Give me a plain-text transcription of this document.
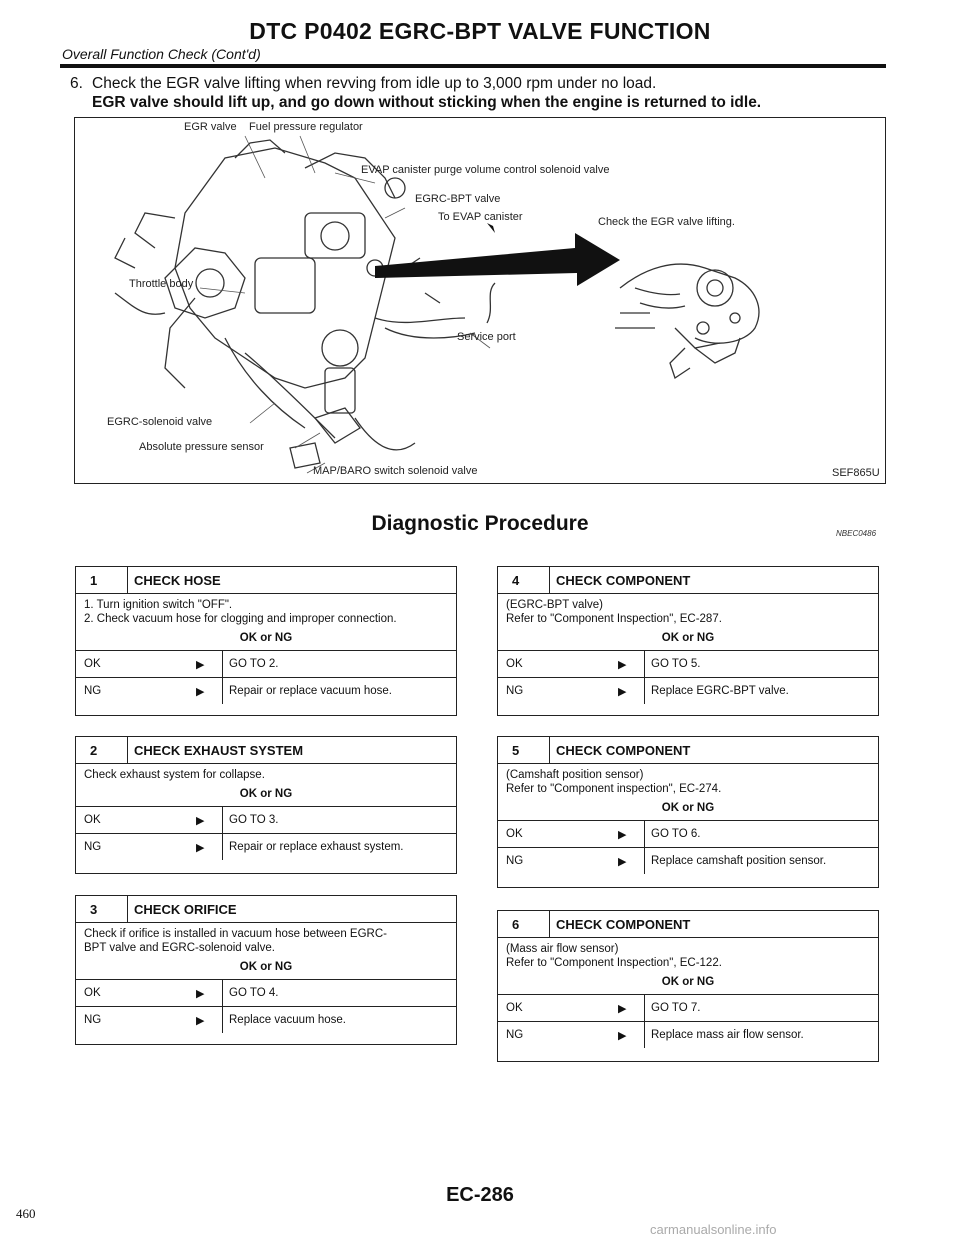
DTC P0402 EGRC-BPT VALVE FUNCTION
Overall Function Check (Cont'd)
6. Check the EGR valve lifting when revving from idle up to 3,000 rpm under no load.
EGR valve should lift up, and go down without sticking when the engine is returned to idle.
EGR valve Fuel pressure regulator
EVAP canister purge volume control solenoid valve
EGRC-BPT valve
To EVAP canister	Check the EGR valve lifting.
Throttle body
Service port
EGRC-solenoid valve
Absolute pressure sensor
MAP/BARO switch solenoid valve	SEF865U
Diagnostic Procedure	NBEC0486
1	CHECK HOSE
1. Turn ignition switch "OFF".
2. Check vacuum hose for clogging and improper connection.
OK or NG
OK	▶	GO TO 2.
NG	▶	Repair or replace vacuum hose.
2	CHECK EXHAUST SYSTEM
Check exhaust system for collapse.
OK or NG
OK	▶	GO TO 3.
NG	▶	Repair or replace exhaust system.
3	CHECK ORIFICE
Check if orifice is installed in vacuum hose between EGRC-
BPT valve and EGRC-solenoid valve.
OK or NG
OK	▶	GO TO 4.
NG	▶	Replace vacuum hose.
4	CHECK COMPONENT
(EGRC-BPT valve)
Refer to "Component Inspection", EC-287.
OK or NG
OK	▶	GO TO 5.
NG	▶	Replace EGRC-BPT valve.
5	CHECK COMPONENT
(Camshaft position sensor)
Refer to "Component inspection", EC-274.
OK or NG
OK	▶	GO TO 6.
NG	▶	Replace camshaft position sensor.
6	CHECK COMPONENT
(Mass air flow sensor)
Refer to "Component Inspection", EC-122.
OK or NG
OK	▶	GO TO 7.
NG	▶	Replace mass air flow sensor.
EC-286
460
carmanualsonline.info
